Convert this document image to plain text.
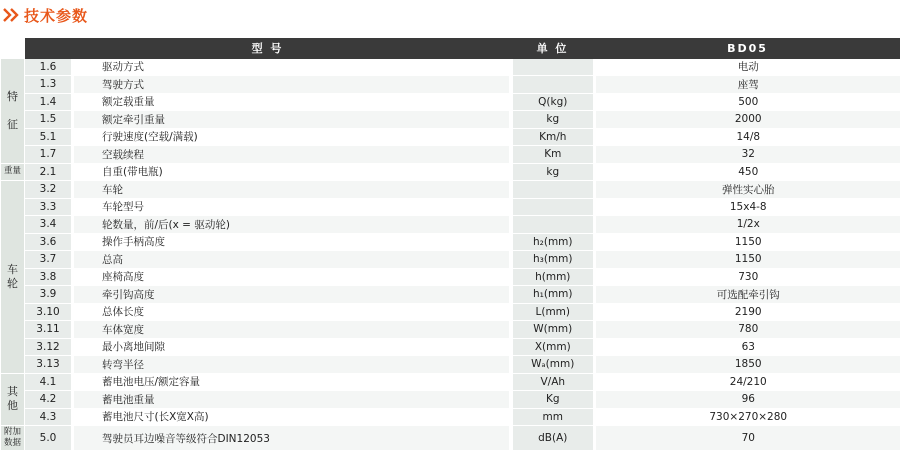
技术参数
	型 号		单 位	BD05
特

征	1.6	驱动方式		电动
	1.3	驾驶方式		座驾
	1.4	额定载重量	Q(kg)	500
	1.5	额定牵引重量	kg	2000
	5.1	行驶速度(空载/满载)	Km/h	14/8
	1.7	空载续程	Km	32
重量	2.1	自重(带电瓶)	kg	450
车
轮	3.2	车轮		弹性实心胎
	3.3	车轮型号		15x4-8
	3.4	轮数量，前/后(x = 驱动轮)		1/2x
	3.6	操作手柄高度	h₂(mm)	1150
	3.7	总高	h₃(mm)	1150
	3.8	座椅高度	h(mm)	730
	3.9	牵引钩高度	h₁(mm)	可选配牵引钩
	3.10	总体长度	L(mm)	2190
	3.11	车体宽度	W(mm)	780
	3.12	最小离地间隙	X(mm)	63
	3.13	转弯半径	Wₐ(mm)	1850
其
他	4.1	蓄电池电压/额定容量	V/Ah	24/210
	4.2	蓄电池重量	Kg	96
	4.3	蓄电池尺寸(长X宽X高)	mm	730×270×280
附加
数据	5.0	驾驶员耳边噪音等级符合DIN12053	dB(A)	70
